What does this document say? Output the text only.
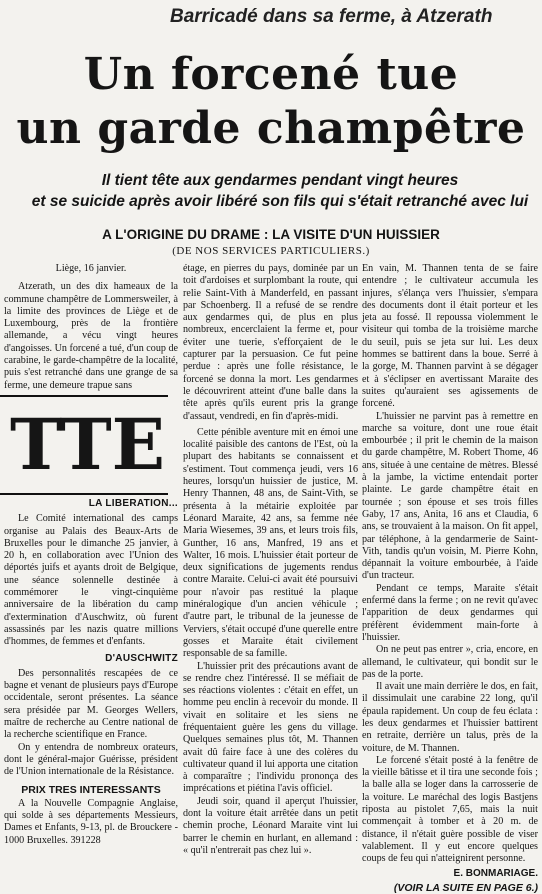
Barricadé dans sa ferme, à Atzerath
Un forcené tue
un garde champêtre
Il tient tête aux gendarmes pendant vingt heures
et se suicide après avoir libéré son fils qui s'était retranché avec lui
A L'ORIGINE DU DRAME : LA VISITE D'UN HUISSIER
(DE NOS SERVICES PARTICULIERS.)
Liège, 16 janvier.

Atzerath, un des dix hameaux de la commune champêtre de Lommersweiler, à la limite des provinces de Liège et de Luxembourg, près de la frontière allemande, a vécu vingt heures d'angoisses. Un forcené a tué, d'un coup de carabine, le garde-champêtre de la localité, puis s'est retranché dans une grange de sa ferme, une demeure trapue sans

TTE
LA LIBERATION...

Le Comité international des camps organise au Palais des Beaux-Arts de Bruxelles pour le dimanche 25 janvier, à 20 h, en collaboration avec l'Union des déportés juifs et ayants droit de Belgique, une séance solennelle destinée à commémorer le vingt-cinquième anniversaire de la libération du camp d'extermination d'Auschwitz, où furent assassinés par les nazis quatre millions d'hommes, de femmes et d'enfants.

D'AUSCHWITZ

Des personnalités rescapées de ce bagne et venant de plusieurs pays d'Europe occidentale, seront présentes. La séance sera présidée par M. Georges Wellers, maître de recherche au Centre national de la recherche scientifique en France.

On y entendra de nombreux orateurs, dont le général-major Guérisse, président de l'Union internationale de la Résistance.

PRIX TRES INTERESSANTS

A la Nouvelle Compagnie Anglaise, qui solde à ses départements Messieurs, Dames et Enfants, 9-13, pl. de Brouckere - 1000 Bruxelles. 391228

étage, en pierres du pays, dominée par un toit d'ardoises et surplombant la route, qui relie Saint-Vith à Manderfeld, en passant par Schoenberg. Il a refusé de se rendre aux gendarmes qui, de plus en plus nombreux, encerclaient la ferme et, pour éviter une tuerie, s'efforçaient de le capturer par la persuasion. Ce fut peine perdue : après une folle résistance, le forcené se donna la mort. Les gendarmes le découvrirent atteint d'une balle dans la tête après qu'ils eurent pris la grange d'assaut, vendredi, en fin d'après-midi.

Cette pénible aventure mit en émoi une localité paisible des cantons de l'Est, où la plupart des habitants se connaissent et s'estiment. Tout commença jeudi, vers 16 heures, lorsqu'un huissier de justice, M. Henry Thannen, 48 ans, de Saint-Vith, se présenta à la métairie exploitée par Léonard Maraite, 42 ans, sa femme née Maria Wiesemes, 39 ans, et leurs trois fils, Gunther, 16 ans, Manfred, 19 ans et Walter, 16 mois. L'huissier était porteur de deux significations de jugements rendus contre Maraite. Celui-ci avait été poursuivi pour n'avoir pas restitué la plaque minéralogique d'un ancien véhicule ; d'autre part, le tribunal de la jeunesse de Verviers, s'était occupé d'une querelle entre gosses et Maraite était civilement responsable de sa famille.

L'huissier prit des précautions avant de se rendre chez l'intéressé. Il se méfiait de ses réactions violentes : c'était en effet, un homme peu enclin à recevoir du monde. Il vivait en solitaire et les siens ne fréquentaient guère les gens du village. Quelques semaines plus tôt, M. Thannen avait dû faire face à une des colères du cultivateur quand il lui apporta une citation à comparaître ; l'individu prononça des imprécations et piétina l'avis officiel.

Jeudi soir, quand il aperçut l'huissier, dont la voiture était arrêtée dans un petit chemin proche, Léonard Maraite vint lui barrer le chemin en hurlant, en allemand : « qu'il n'entrerait pas chez lui ».

En vain, M. Thannen tenta de se faire entendre ; le cultivateur accumula les injures, s'élança vers l'huissier, s'empara des documents dont il était porteur et les jeta au fossé. Il repoussa violemment le visiteur qui tomba de la troisième marche du seuil, puis se jeta sur lui. Les deux hommes se battirent dans la boue. Serré à la gorge, M. Thannen parvint à se dégager et à s'éclipser en avertissant Maraite des suites qu'auraient ses agissements de forcené.

L'huissier ne parvint pas à remettre en marche sa voiture, dont une roue était embourbée ; il prit le chemin de la maison du garde champêtre, M. Robert Thome, 46 ans, située à une centaine de mètres. Blessé à la jambe, la victime entendait porter plainte. Le garde champêtre était en tournée ; son épouse et ses trois filles Gaby, 17 ans, Anita, 16 ans et Claudia, 6 ans, se trouvaient à la maison. On fit appel, par téléphone, à la gendarmerie de Saint-Vith, tandis qu'un voisin, M. Pierre Kohn, dépannait la voiture embourbée, à l'aide d'un tracteur.

Pendant ce temps, Maraite s'était enfermé dans la ferme ; on ne revit qu'avec l'apparition de deux gendarmes qui préfèrent évidemment main-forte à l'huissier.

On ne peut pas entrer », cria, encore, en allemand, le cultivateur, qui bondit sur le pas de la porte.

Il avait une main derrière le dos, en fait, il dissimulait une carabine 22 long, qu'il épaula rapidement. Un coup de feu éclata : les deux gendarmes et l'huissier battirent en retraite, derrière un talus, près de la voiture, de M. Thannen.

Le forcené s'était posté à la fenêtre de la vieille bâtisse et il tira une seconde fois ; la balle alla se loger dans la carrosserie de la voiture. Le maréchal des logis Bastjens riposta au pistolet 7,65, mais la nuit commençait à tomber et à 20 m. de distance, il n'était guère possible de viser valablement. Il y eut encore quelques coups de feu qui n'atteignirent personne.

E. BONMARIAGE.
(VOIR LA SUITE EN PAGE 6.)
